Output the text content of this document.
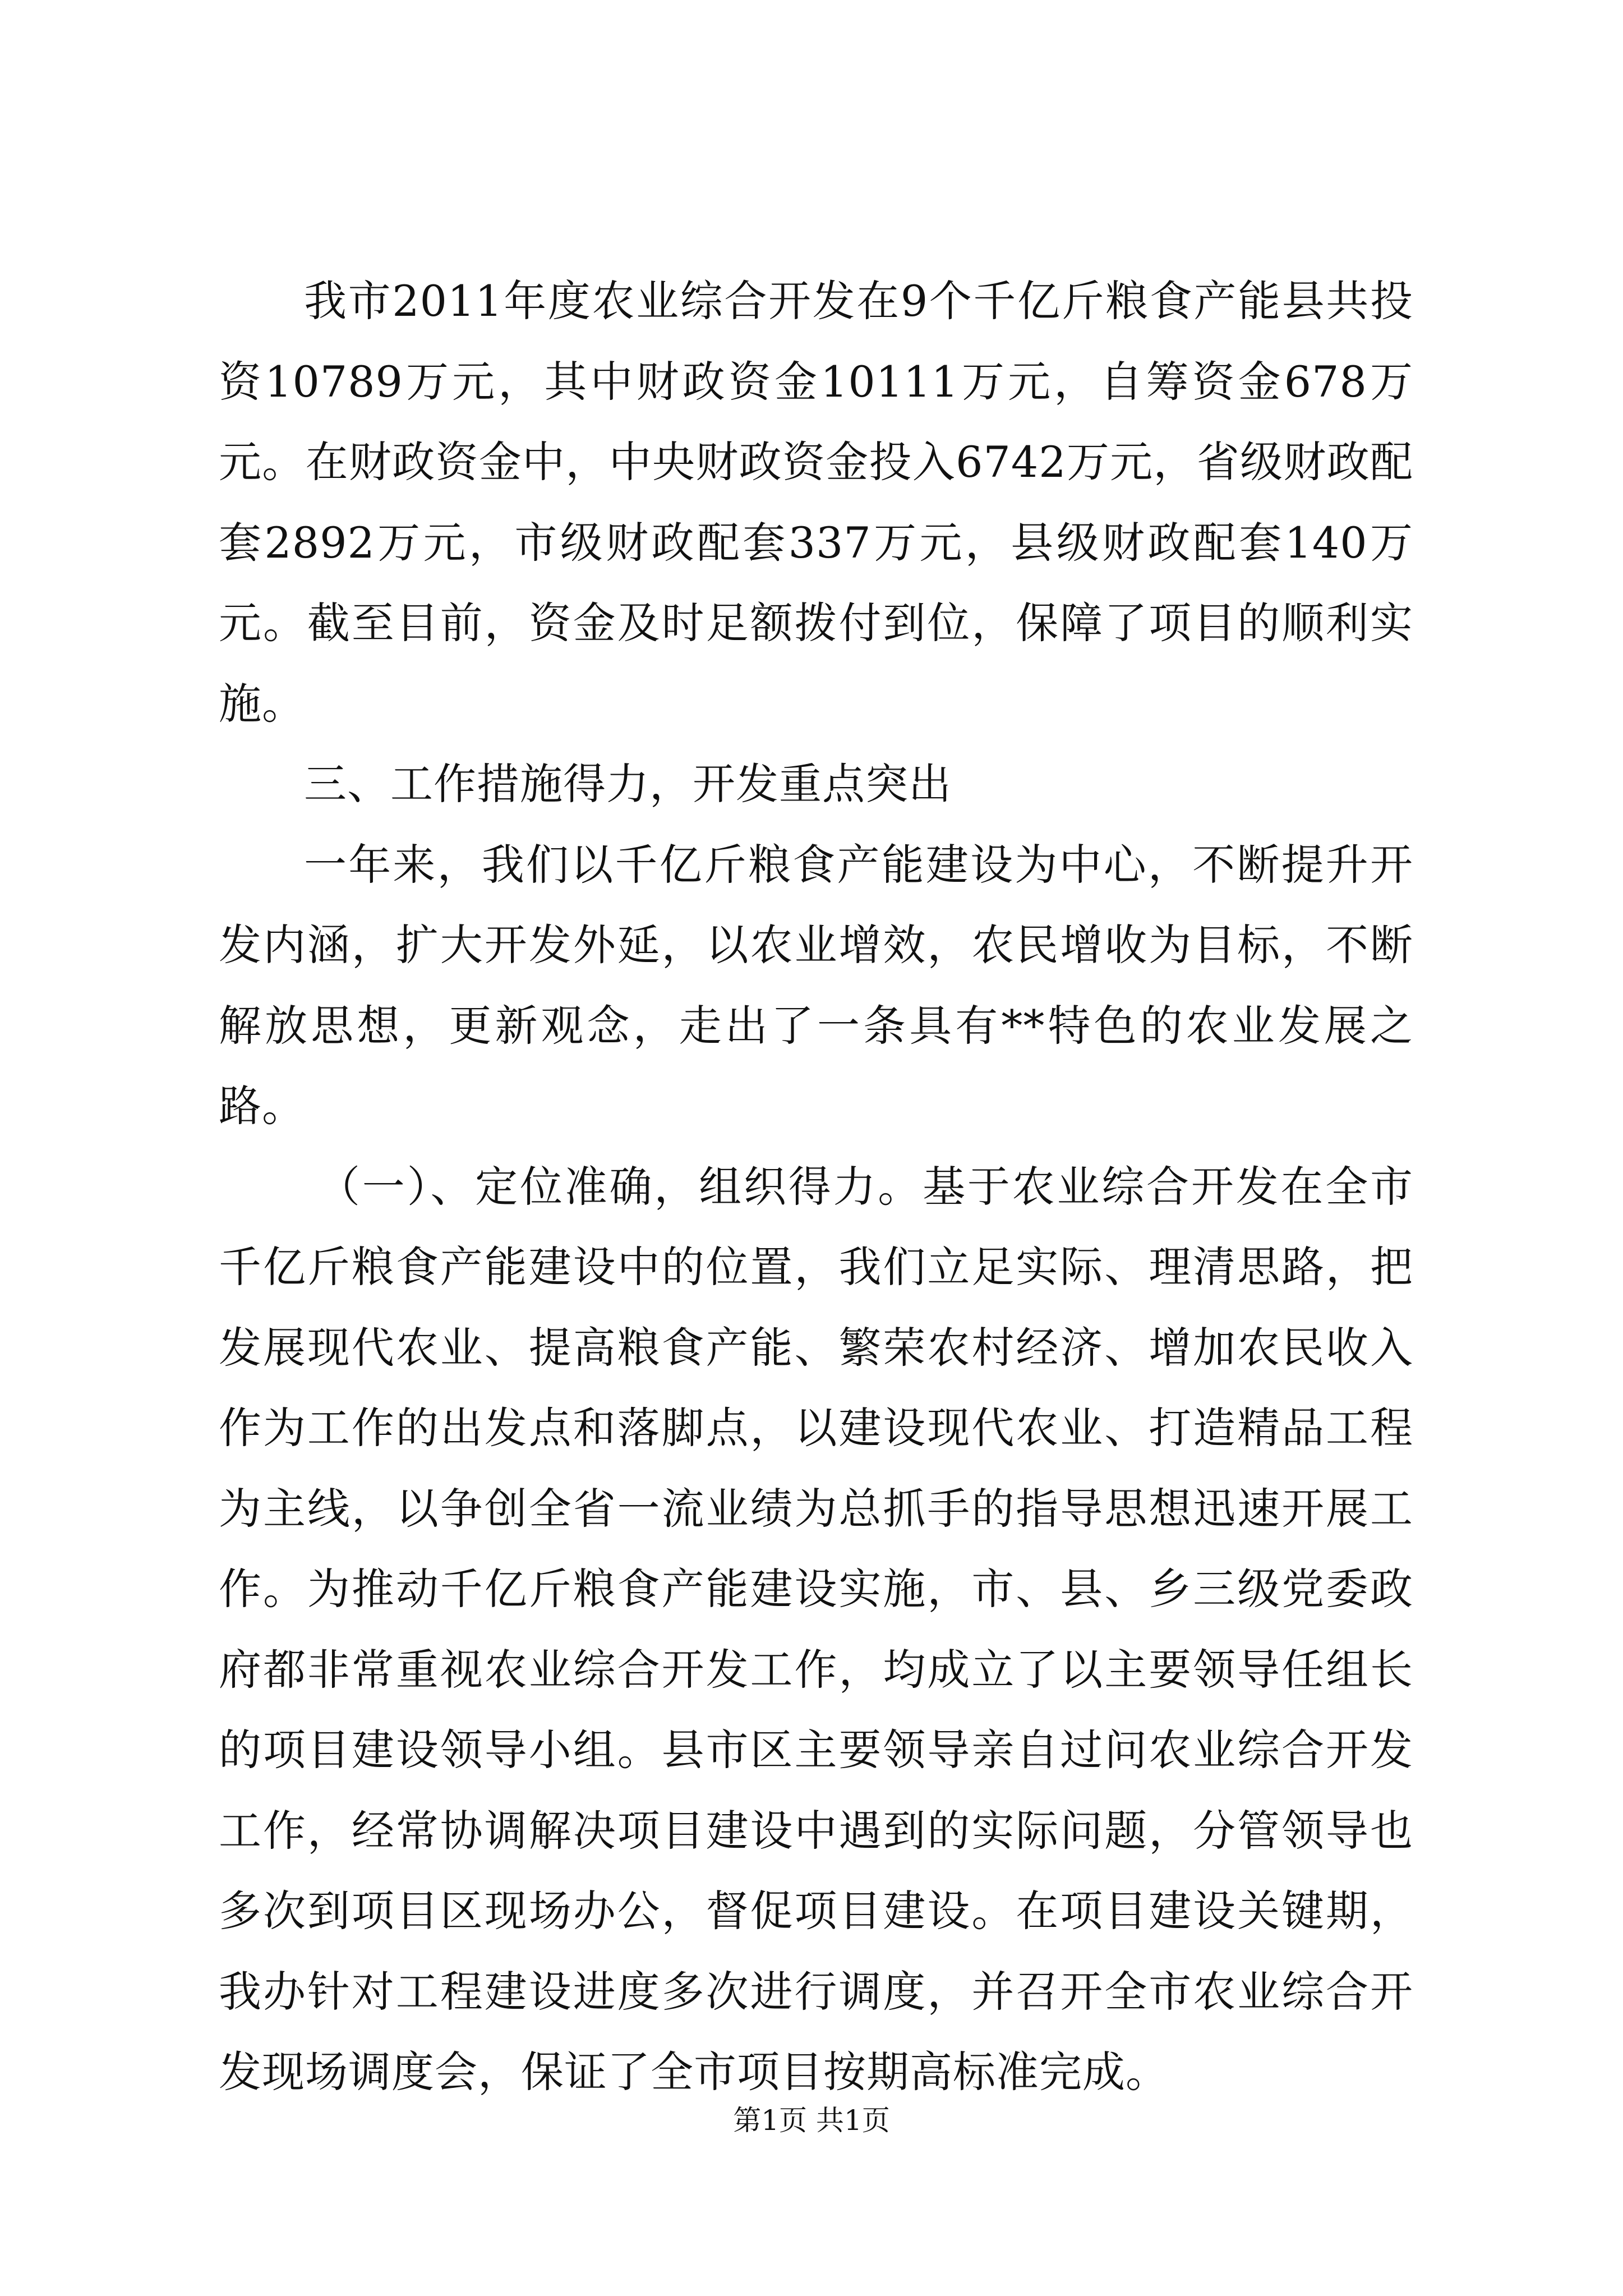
我市2011年度农业综合开发在9个千亿斤粮食产能县共投资10789万元，其中财政资金10111万元，自筹资金678万元。在财政资金中，中央财政资金投入6742万元，省级财政配套2892万元，市级财政配套337万元，县级财政配套140万元。截至目前，资金及时足额拨付到位，保障了项目的顺利实施。

三、工作措施得力，开发重点突出

一年来，我们以千亿斤粮食产能建设为中心，不断提升开发内涵，扩大开发外延，以农业增效，农民增收为目标，不断解放思想，更新观念，走出了一条具有**特色的农业发展之路。

（一）、定位准确，组织得力。基于农业综合开发在全市千亿斤粮食产能建设中的位置，我们立足实际、理清思路，把发展现代农业、提高粮食产能、繁荣农村经济、增加农民收入作为工作的出发点和落脚点，以建设现代农业、打造精品工程为主线，以争创全省一流业绩为总抓手的指导思想迅速开展工作。为推动千亿斤粮食产能建设实施，市、县、乡三级党委政府都非常重视农业综合开发工作，均成立了以主要领导任组长的项目建设领导小组。县市区主要领导亲自过问农业综合开发工作，经常协调解决项目建设中遇到的实际问题，分管领导也多次到项目区现场办公，督促项目建设。在项目建设关键期，我办针对工程建设进度多次进行调度，并召开全市农业综合开发现场调度会，保证了全市项目按期高标准完成。

第1页 共1页
